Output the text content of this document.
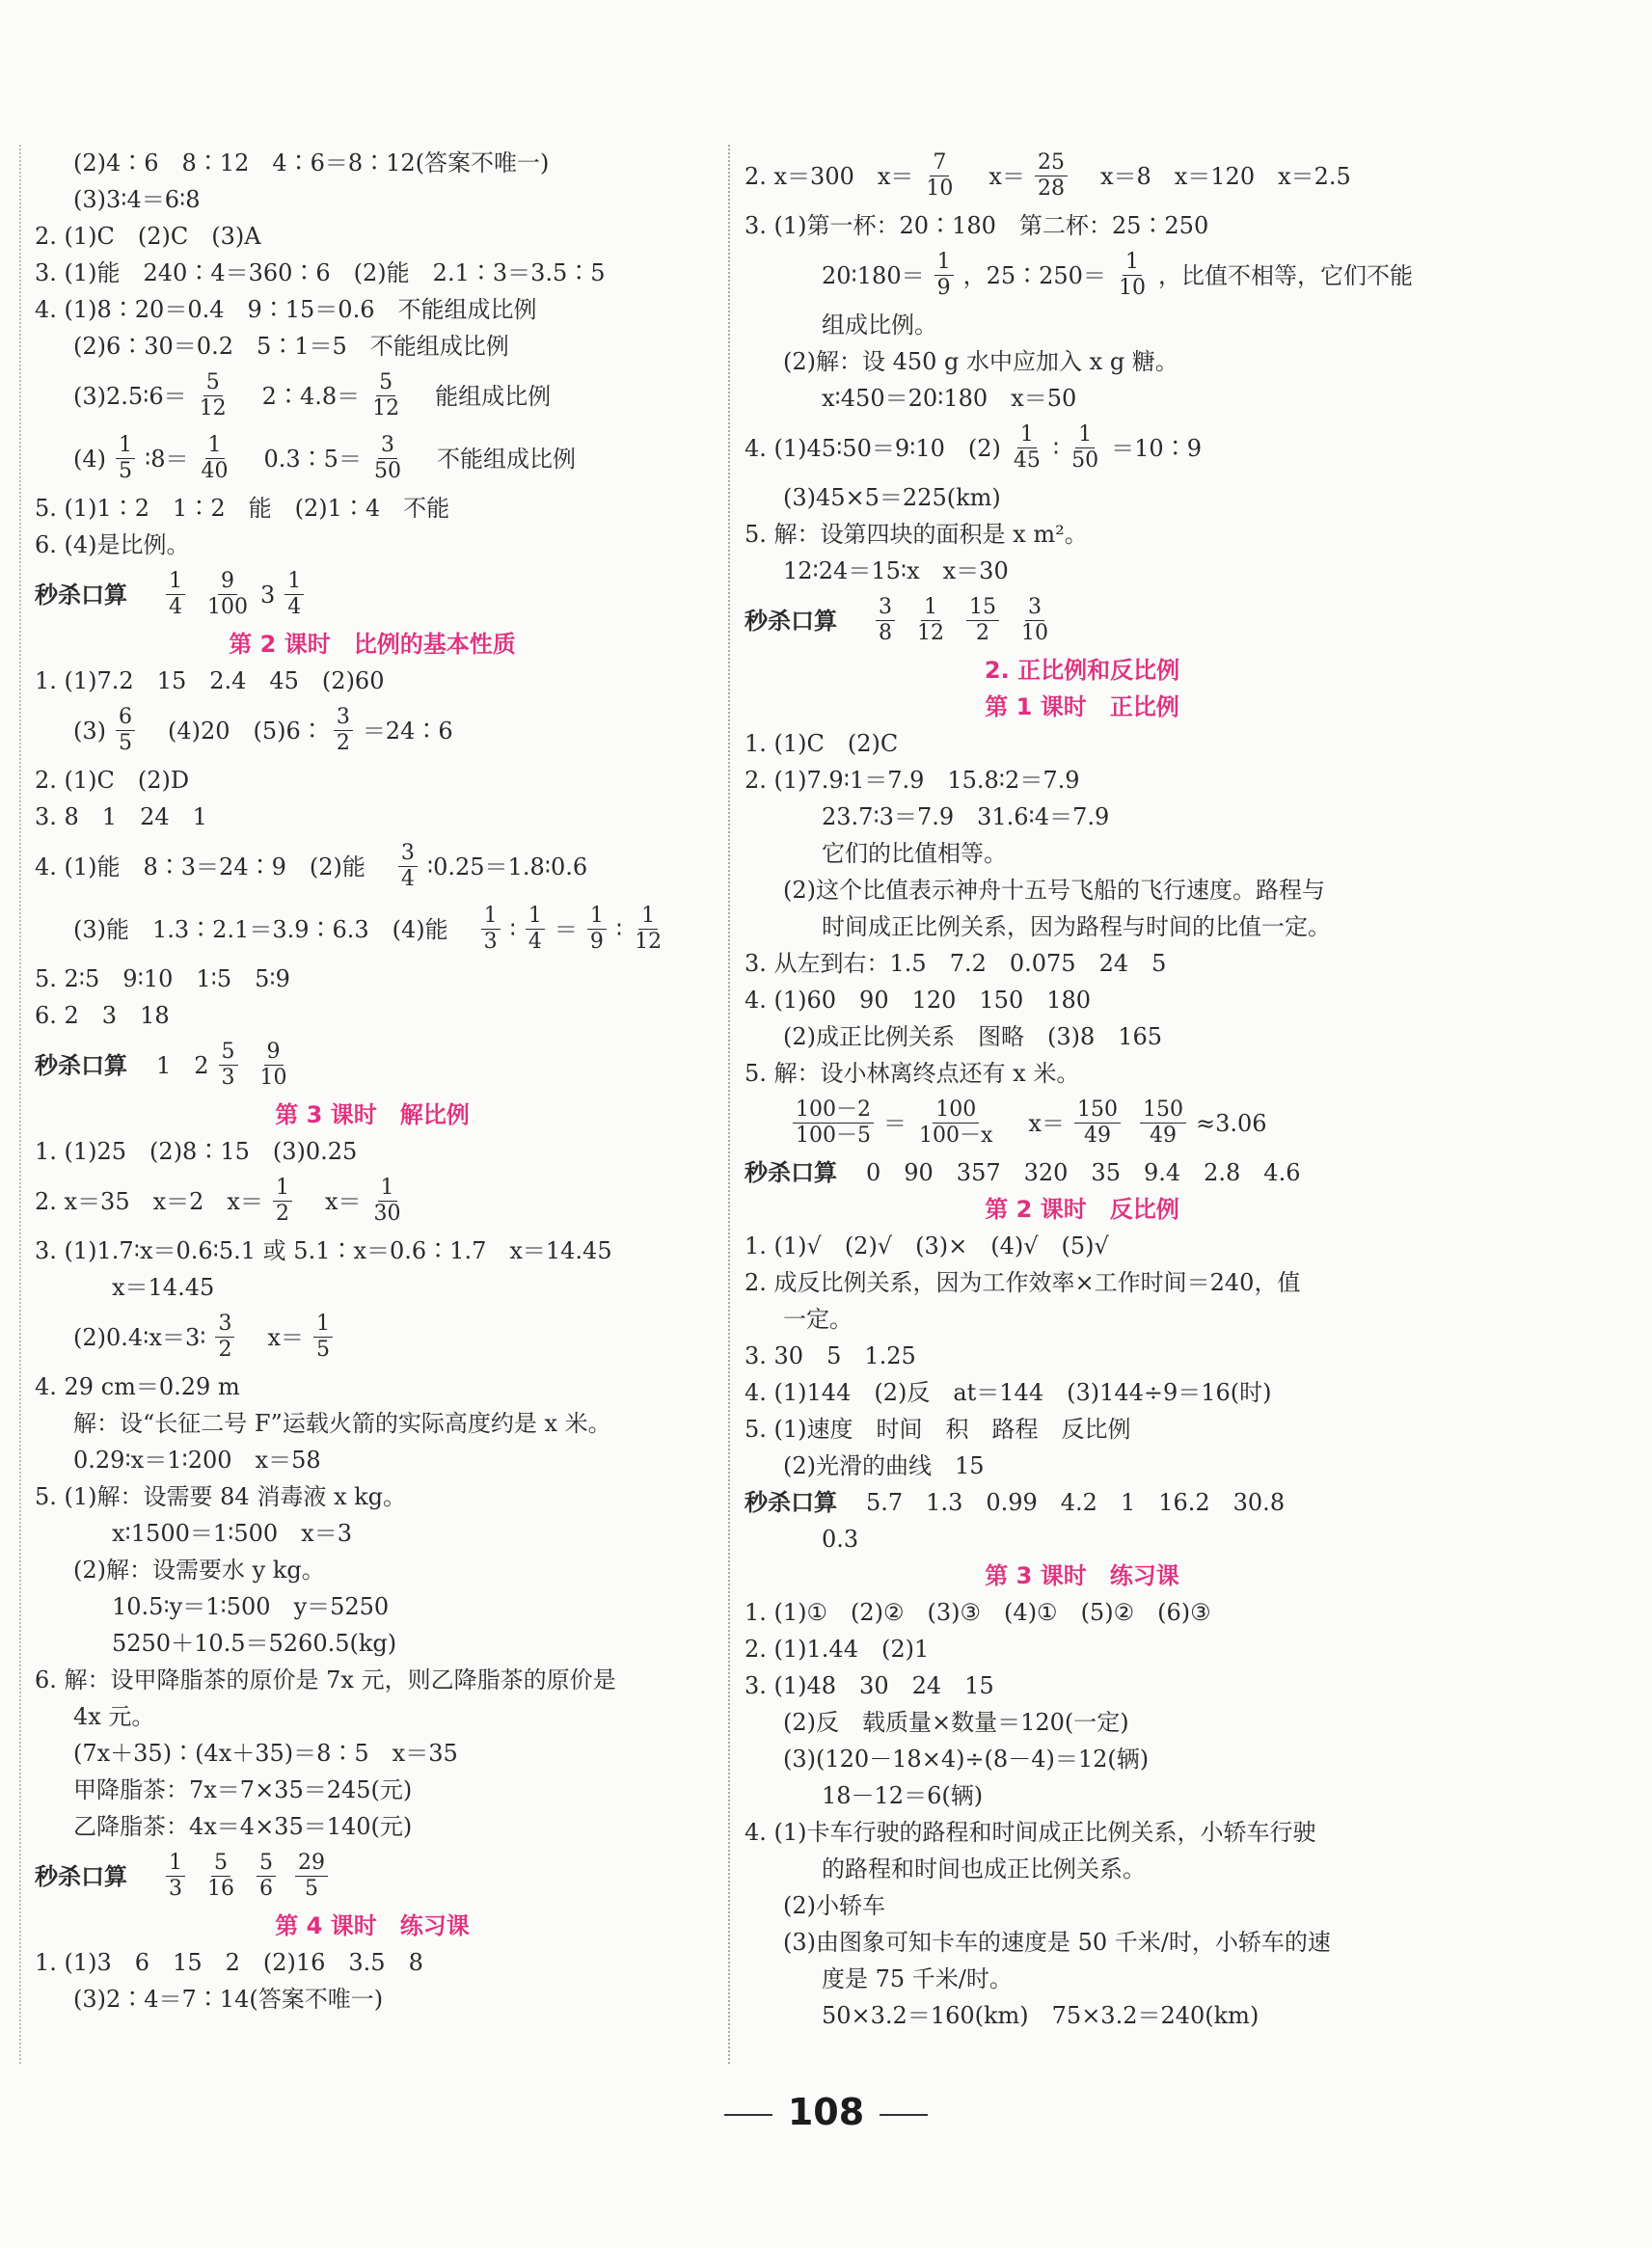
(2)4∶6　8∶12　4∶6＝8∶12(答案不唯一)
(3)3∶4＝6∶8
2. (1)C　(2)C　(3)A
3. (1)能　240∶4＝360∶6　(2)能　2.1∶3＝3.5∶5
4. (1)8∶20＝0.4　9∶15＝0.6　不能组成比例
(2)6∶30＝0.2　5∶1＝5　不能组成比例
(3)2.5∶6＝ $\frac{5}{12}$ 　2∶4.8＝ $\frac{5}{12}$ 　能组成比例
$(4) \frac{1}{5}$ ∶8＝ $\frac{1}{40}$ 　0.3∶5＝ $\frac{3}{50}$ 　不能组成比例
5. (1)1∶2　1∶2　能　(2)1∶4　不能
6. (4)是比例。
秒杀口算 $\frac{1}{4} \frac{9}{100} 3 \frac{1}{4}$
第 2 课时　比例的基本性质
1. (1)7.2　15　2.4　45　(2)60
$(3) \frac{6}{5}$ 　(4)20　(5)6∶ $\frac{3}{2}$ ＝24∶6
2. (1)C　(2)D
3. 8　1　24　1
4. (1)能　8∶3＝24∶9　(2)能　 $\frac{3}{4}$ ∶0.25＝1.8∶0.6
(3)能　1.3∶2.1＝3.9∶6.3　(4)能　 $\frac{1}{3}$ ∶ $\frac{1}{4} = \frac{1}{9}$ ∶ $\frac{1}{12}$
5. 2∶5　9∶10　1∶5　5∶9
6. 2　3　18
秒杀口算 1　$2 \frac{5}{3} \frac{9}{10}$
第 3 课时　解比例
1. (1)25　(2)8∶15　(3)0.25
2. x＝35　x＝2　$x= \frac{1}{2}$ 　$x= \frac{1}{30}$
3. (1)1.7∶x＝0.6∶5.1 或 5.1∶x＝0.6∶1.7　x＝14.45
x＝14.45
(2)0.4∶x＝3∶ $\frac{3}{2}$ 　$x= \frac{1}{5}$
4. 29 cm＝0.29 m
解：设“长征二号 F”运载火箭的实际高度约是 x 米。
0.29∶x＝1∶200　x＝58
5. (1)解：设需要 84 消毒液 x kg。
x∶1500＝1∶500　x＝3
(2)解：设需要水 y kg。
10.5∶y＝1∶500　y＝5250
5250＋10.5＝5260.5(kg)
6. 解：设甲降脂茶的原价是 7x 元，则乙降脂茶的原价是
4x 元。
(7x＋35)∶(4x＋35)＝8∶5　x＝35
甲降脂茶：7x＝7×35＝245(元)
乙降脂茶：4x＝4×35＝140(元)
秒杀口算 $\frac{1}{3} \frac{5}{16} \frac{5}{6} \frac{29}{5}$
第 4 课时　练习课
1. (1)3　6　15　2　(2)16　3.5　8
(3)2∶4＝7∶14(答案不唯一)
2. x＝300　$x= \frac{7}{10}$ 　$x= \frac{25}{28}$ 　x＝8　x＝120　x＝2.5
3. (1)第一杯：20∶180　第二杯：25∶250
20∶180＝ $\frac{1}{9}$ ，25∶250＝ $\frac{1}{10}$ ，比值不相等，它们不能
组成比例。
(2)解：设 450 g 水中应加入 x g 糖。
x∶450＝20∶180　x＝50
4. (1)45∶50＝9∶10　$(2) \frac{1}{45}$ ∶ $\frac{1}{50}$ ＝10∶9
(3)45×5＝225(km)
5. 解：设第四块的面积是 x m²。
12∶24＝15∶x　x＝30
秒杀口算 $\frac{3}{8} \frac{1}{12} \frac{15}{2} \frac{3}{10}$
2. 正比例和反比例
第 1 课时　正比例
1. (1)C　(2)C
2. (1)7.9∶1＝7.9　15.8∶2＝7.9
23.7∶3＝7.9　31.6∶4＝7.9
它们的比值相等。
(2)这个比值表示神舟十五号飞船的飞行速度。路程与
时间成正比例关系，因为路程与时间的比值一定。
3. 从左到右：1.5　7.2　0.075　24　5
4. (1)60　90　120　150　180
(2)成正比例关系　图略　(3)8　165
5. 解：设小林离终点还有 x 米。
$\frac{100-2}{100-5} = \frac{100}{100-x}$ 　$x= \frac{150}{49} \frac{150}{49} \approx 3.06$
秒杀口算 0　90　357　320　35　9.4　2.8　4.6
第 2 课时　反比例
1. (1)√　(2)√　(3)×　(4)√　(5)√
2. 成反比例关系，因为工作效率×工作时间＝240，值
一定。
3. 30　5　1.25
4. (1)144　(2)反　at＝144　(3)144÷9＝16(时)
5. (1)速度　时间　积　路程　反比例
(2)光滑的曲线　15
秒杀口算 5.7　1.3　0.99　4.2　1　16.2　30.8
0.3
第 3 课时　练习课
1. (1)①　(2)②　(3)③　(4)①　(5)②　(6)③
2. (1)1.44　(2)1
3. (1)48　30　24　15
(2)反　载质量×数量＝120(一定)
(3)(120－18×4)÷(8－4)＝12(辆)
18－12＝6(辆)
4. (1)卡车行驶的路程和时间成正比例关系，小轿车行驶
的路程和时间也成正比例关系。
(2)小轿车
(3)由图象可知卡车的速度是 50 千米/时，小轿车的速
度是 75 千米/时。
50×3.2＝160(km)　75×3.2＝240(km)
108
